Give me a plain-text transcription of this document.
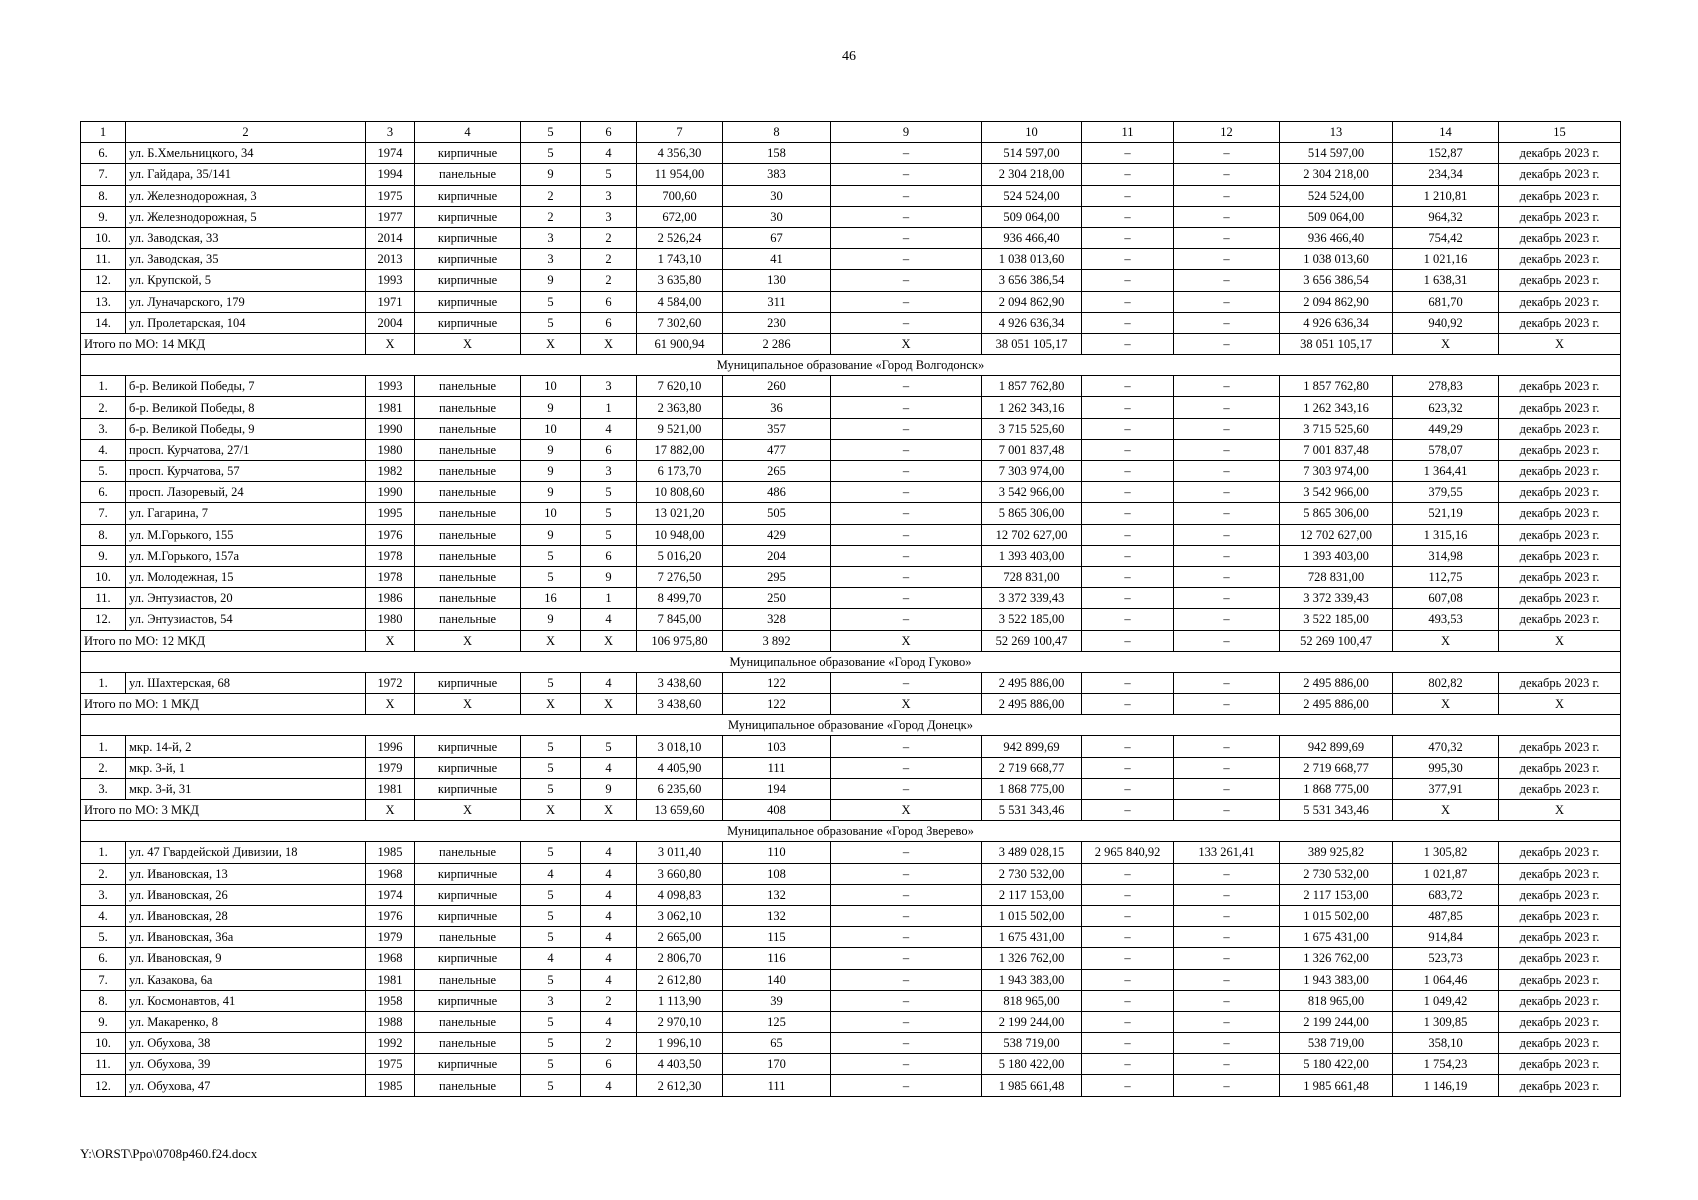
46
1	2	3	4	5	6	7	8	9	10	11	12	13	14	15
6.	ул. Б.Хмельницкого, 34	1974	кирпичные	5	4	4 356,30	158	–	514 597,00	–	–	514 597,00	152,87	декабрь 2023 г.
7.	ул. Гайдара, 35/141	1994	панельные	9	5	11 954,00	383	–	2 304 218,00	–	–	2 304 218,00	234,34	декабрь 2023 г.
8.	ул. Железнодорожная, 3	1975	кирпичные	2	3	700,60	30	–	524 524,00	–	–	524 524,00	1 210,81	декабрь 2023 г.
9.	ул. Железнодорожная, 5	1977	кирпичные	2	3	672,00	30	–	509 064,00	–	–	509 064,00	964,32	декабрь 2023 г.
10.	ул. Заводская, 33	2014	кирпичные	3	2	2 526,24	67	–	936 466,40	–	–	936 466,40	754,42	декабрь 2023 г.
11.	ул. Заводская, 35	2013	кирпичные	3	2	1 743,10	41	–	1 038 013,60	–	–	1 038 013,60	1 021,16	декабрь 2023 г.
12.	ул. Крупской, 5	1993	кирпичные	9	2	3 635,80	130	–	3 656 386,54	–	–	3 656 386,54	1 638,31	декабрь 2023 г.
13.	ул. Луначарского, 179	1971	кирпичные	5	6	4 584,00	311	–	2 094 862,90	–	–	2 094 862,90	681,70	декабрь 2023 г.
14.	ул. Пролетарская, 104	2004	кирпичные	5	6	7 302,60	230	–	4 926 636,34	–	–	4 926 636,34	940,92	декабрь 2023 г.
Итого по МО: 14 МКД		X	X	X	X	61 900,94	2 286	X	38 051 105,17	–	–	38 051 105,17	X	X
Муниципальное образование «Город Волгодонск»														
1.	б-р. Великой Победы, 7	1993	панельные	10	3	7 620,10	260	–	1 857 762,80	–	–	1 857 762,80	278,83	декабрь 2023 г.
2.	б-р. Великой Победы, 8	1981	панельные	9	1	2 363,80	36	–	1 262 343,16	–	–	1 262 343,16	623,32	декабрь 2023 г.
3.	б-р. Великой Победы, 9	1990	панельные	10	4	9 521,00	357	–	3 715 525,60	–	–	3 715 525,60	449,29	декабрь 2023 г.
4.	просп. Курчатова, 27/1	1980	панельные	9	6	17 882,00	477	–	7 001 837,48	–	–	7 001 837,48	578,07	декабрь 2023 г.
5.	просп. Курчатова, 57	1982	панельные	9	3	6 173,70	265	–	7 303 974,00	–	–	7 303 974,00	1 364,41	декабрь 2023 г.
6.	просп. Лазоревый, 24	1990	панельные	9	5	10 808,60	486	–	3 542 966,00	–	–	3 542 966,00	379,55	декабрь 2023 г.
7.	ул. Гагарина, 7	1995	панельные	10	5	13 021,20	505	–	5 865 306,00	–	–	5 865 306,00	521,19	декабрь 2023 г.
8.	ул. М.Горького, 155	1976	панельные	9	5	10 948,00	429	–	12 702 627,00	–	–	12 702 627,00	1 315,16	декабрь 2023 г.
9.	ул. М.Горького, 157а	1978	панельные	5	6	5 016,20	204	–	1 393 403,00	–	–	1 393 403,00	314,98	декабрь 2023 г.
10.	ул. Молодежная, 15	1978	панельные	5	9	7 276,50	295	–	728 831,00	–	–	728 831,00	112,75	декабрь 2023 г.
11.	ул. Энтузиастов, 20	1986	панельные	16	1	8 499,70	250	–	3 372 339,43	–	–	3 372 339,43	607,08	декабрь 2023 г.
12.	ул. Энтузиастов, 54	1980	панельные	9	4	7 845,00	328	–	3 522 185,00	–	–	3 522 185,00	493,53	декабрь 2023 г.
Итого по МО: 12 МКД		X	X	X	X	106 975,80	3 892	X	52 269 100,47	–	–	52 269 100,47	X	X
Муниципальное образование «Город Гуково»														
1.	ул. Шахтерская, 68	1972	кирпичные	5	4	3 438,60	122	–	2 495 886,00	–	–	2 495 886,00	802,82	декабрь 2023 г.
Итого по МО: 1 МКД		X	X	X	X	3 438,60	122	X	2 495 886,00	–	–	2 495 886,00	X	X
Муниципальное образование «Город Донецк»														
1.	мкр. 14-й, 2	1996	кирпичные	5	5	3 018,10	103	–	942 899,69	–	–	942 899,69	470,32	декабрь 2023 г.
2.	мкр. 3-й, 1	1979	кирпичные	5	4	4 405,90	111	–	2 719 668,77	–	–	2 719 668,77	995,30	декабрь 2023 г.
3.	мкр. 3-й, 31	1981	кирпичные	5	9	6 235,60	194	–	1 868 775,00	–	–	1 868 775,00	377,91	декабрь 2023 г.
Итого по МО: 3 МКД		X	X	X	X	13 659,60	408	X	5 531 343,46	–	–	5 531 343,46	X	X
Муниципальное образование «Город Зверево»														
1.	ул. 47 Гвардейской Дивизии, 18	1985	панельные	5	4	3 011,40	110	–	3 489 028,15	2 965 840,92	133 261,41	389 925,82	1 305,82	декабрь 2023 г.
2.	ул. Ивановская, 13	1968	кирпичные	4	4	3 660,80	108	–	2 730 532,00	–	–	2 730 532,00	1 021,87	декабрь 2023 г.
3.	ул. Ивановская, 26	1974	кирпичные	5	4	4 098,83	132	–	2 117 153,00	–	–	2 117 153,00	683,72	декабрь 2023 г.
4.	ул. Ивановская, 28	1976	кирпичные	5	4	3 062,10	132	–	1 015 502,00	–	–	1 015 502,00	487,85	декабрь 2023 г.
5.	ул. Ивановская, 36а	1979	панельные	5	4	2 665,00	115	–	1 675 431,00	–	–	1 675 431,00	914,84	декабрь 2023 г.
6.	ул. Ивановская, 9	1968	кирпичные	4	4	2 806,70	116	–	1 326 762,00	–	–	1 326 762,00	523,73	декабрь 2023 г.
7.	ул. Казакова, 6а	1981	панельные	5	4	2 612,80	140	–	1 943 383,00	–	–	1 943 383,00	1 064,46	декабрь 2023 г.
8.	ул. Космонавтов, 41	1958	кирпичные	3	2	1 113,90	39	–	818 965,00	–	–	818 965,00	1 049,42	декабрь 2023 г.
9.	ул. Макаренко, 8	1988	панельные	5	4	2 970,10	125	–	2 199 244,00	–	–	2 199 244,00	1 309,85	декабрь 2023 г.
10.	ул. Обухова, 38	1992	панельные	5	2	1 996,10	65	–	538 719,00	–	–	538 719,00	358,10	декабрь 2023 г.
11.	ул. Обухова, 39	1975	кирпичные	5	6	4 403,50	170	–	5 180 422,00	–	–	5 180 422,00	1 754,23	декабрь 2023 г.
12.	ул. Обухова, 47	1985	панельные	5	4	2 612,30	111	–	1 985 661,48	–	–	1 985 661,48	1 146,19	декабрь 2023 г.
Y:\ORST\Ppo\0708p460.f24.docx
